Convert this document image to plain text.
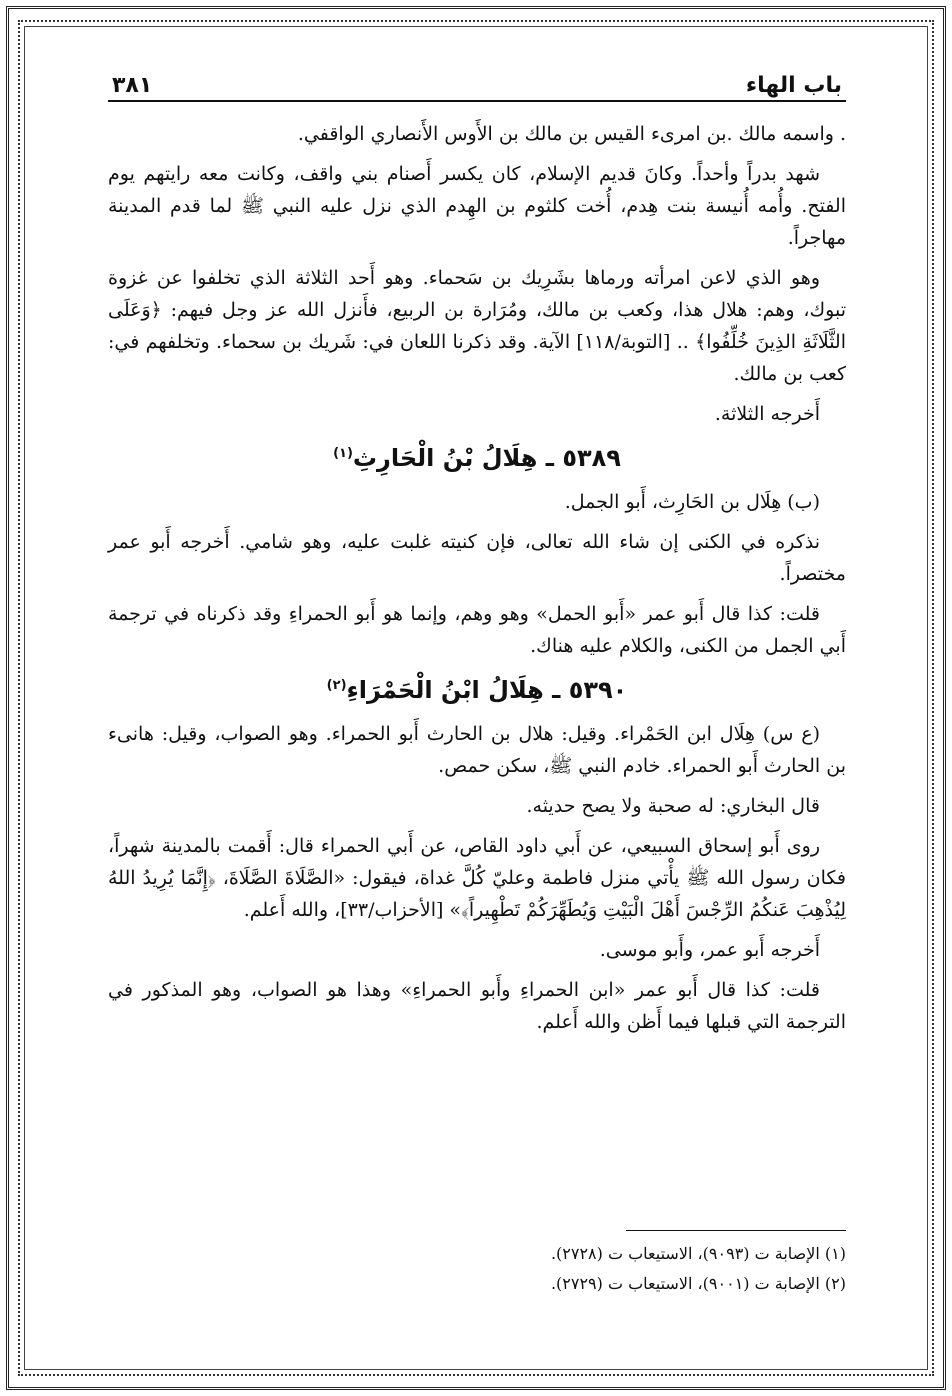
باب الهاء
٣٨١

. واسمه مالك .بن امرىء القيس بن مالك بن الأَوس الأَنصاري الواقفي.

شهد بدراً وأحداً. وكانَ قديم الإسلام، كان يكسر أَصنام بني واقف، وكانت معه رايتهم يوم الفتح. وأُمه أُنيسة بنت هِدم، أُخت كلثوم بن الهِدم الذي نزل عليه النبي ﷺ لما قدم المدينة مهاجراً.

وهو الذي لاعن امرأته ورماها بشَرِيك بن سَحماء. وهو أَحد الثلاثة الذي تخلفوا عن غزوة تبوك، وهم: هلال هذا، وكعب بن مالك، ومُرَارة بن الربيع، فأَنزل الله عز وجل فيهم: ﴿وَعَلَى الثَّلَاثَةِ الذِينَ خُلِّفُوا﴾ .. [التوبة/١١٨] الآية. وقد ذكرنا اللعان في: شَريك بن سحماء. وتخلفهم في: كعب بن مالك.

أَخرجه الثلاثة.

٥٣٨٩ ـ هِلَالُ بْنُ الْحَارِثِ$^{(١)}$

(ب) هِلَال بن الحَارِث، أَبو الجمل.

نذكره في الكنى إن شاء الله تعالى، فإن كنيته غلبت عليه، وهو شامي. أَخرجه أَبو عمر مختصراً.

قلت: كذا قال أَبو عمر «أَبو الحمل» وهو وهم، وإنما هو أَبو الحمراءِ وقد ذكرناه في ترجمة أَبي الجمل من الكنى، والكلام عليه هناك.

٥٣٩٠ ـ هِلَالُ ابْنُ الْحَمْرَاءِ$^{(٢)}$

(ع س) هِلَال ابن الحَمْراء. وقيل: هلال بن الحارث أَبو الحمراء. وهو الصواب، وقيل: هانىء بن الحارث أَبو الحمراء. خادم النبي ﷺ، سكن حمص.

قال البخاري: له صحبة ولا يصح حديثه.

روى أَبو إسحاق السبيعي، عن أَبي داود القاص، عن أَبي الحمراء قال: أَقمت بالمدينة شهراً، فكان رسول الله ﷺ يأْتي منزل فاطمة وعليّ كُلَّ غداة، فيقول: «الصَّلَاةَ الصَّلَاةَ، ﴿إِنَّمَا يُرِيدُ اللهُ لِيُذْهِبَ عَنكُمُ الرِّجْسَ أَهْلَ الْبَيْتِ وَيُطَهِّرَكُمْ تَطْهِيراً﴾» [الأحزاب/٣٣]، والله أَعلم.

أَخرجه أَبو عمر، وأَبو موسى.

قلت: كذا قال أَبو عمر «ابن الحمراءِ وأَبو الحمراءِ» وهذا هو الصواب، وهو المذكور في الترجمة التي قبلها فيما أَظن والله أَعلم.

(١) الإصابة ت (٩٠٩٣)، الاستيعاب ت (٢٧٢٨).
(٢) الإصابة ت (٩٠٠١)، الاستيعاب ت (٢٧٢٩).
